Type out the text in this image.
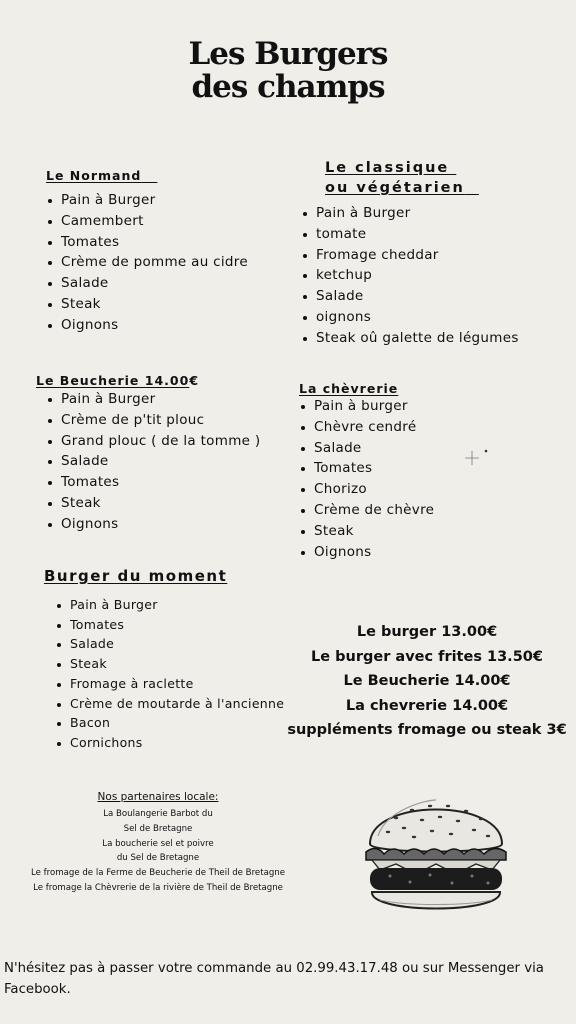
Les Burgers
des champs
Le Normand
Pain à Burger
Camembert
Tomates
Crème de pomme au cidre
Salade
Steak
Oignons
Le classique
ou végétarien
Pain à Burger
tomate
Fromage cheddar
ketchup
Salade
oignons
Steak oû galette de légumes
Le Beucherie 14.00€
Pain à Burger
Crème de p'tit plouc
Grand plouc ( de la tomme )
Salade
Tomates
Steak
Oignons
La chèvrerie
Pain à burger
Chèvre cendré
Salade
Tomates
Chorizo
Crème de chèvre
Steak
Oignons
Burger du moment
Pain à Burger
Tomates
Salade
Steak
Fromage à raclette
Crème de moutarde à l'ancienne
Bacon
Cornichons
Le burger 13.00€
Le burger avec frites 13.50€
Le Beucherie 14.00€
La chevrerie 14.00€
suppléments fromage ou steak 3€
Nos partenaires locale:
La Boulangerie Barbot du
Sel de Bretagne
La boucherie sel et poivre
du Sel de Bretagne
Le fromage de la Ferme de Beucherie de Theil de Bretagne
Le fromage la Chèvrerie de la rivière de Theil de Bretagne
N'hésitez pas à passer votre commande au 02.99.43.17.48 ou sur Messenger via Facebook.
